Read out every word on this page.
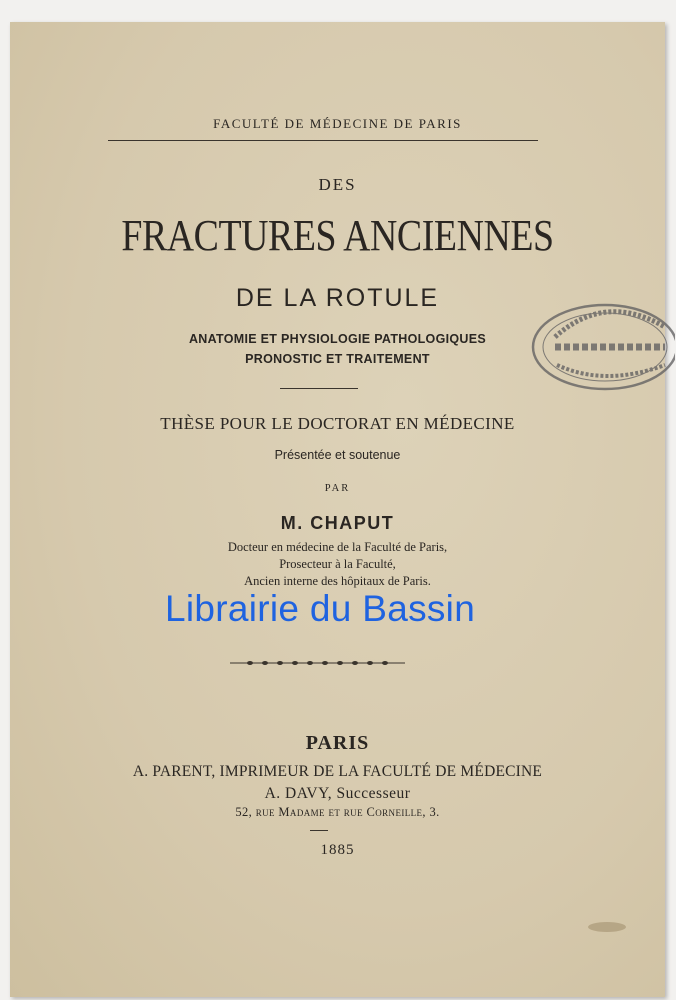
FACULTÉ DE MÉDECINE DE PARIS
DES
FRACTURES ANCIENNES
DE LA ROTULE
ANATOMIE ET PHYSIOLOGIE PATHOLOGIQUES
PRONOSTIC ET TRAITEMENT
THÈSE POUR LE DOCTORAT EN MÉDECINE
Présentée et soutenue
PAR
M. CHAPUT
Docteur en médecine de la Faculté de Paris,
Prosecteur à la Faculté,
Ancien interne des hôpitaux de Paris.
PARIS
A. PARENT, IMPRIMEUR DE LA FACULTÉ DE MÉDECINE
A. DAVY, Successeur
52, rue Madame et rue Corneille, 3.
1885
Librairie du Bassin
